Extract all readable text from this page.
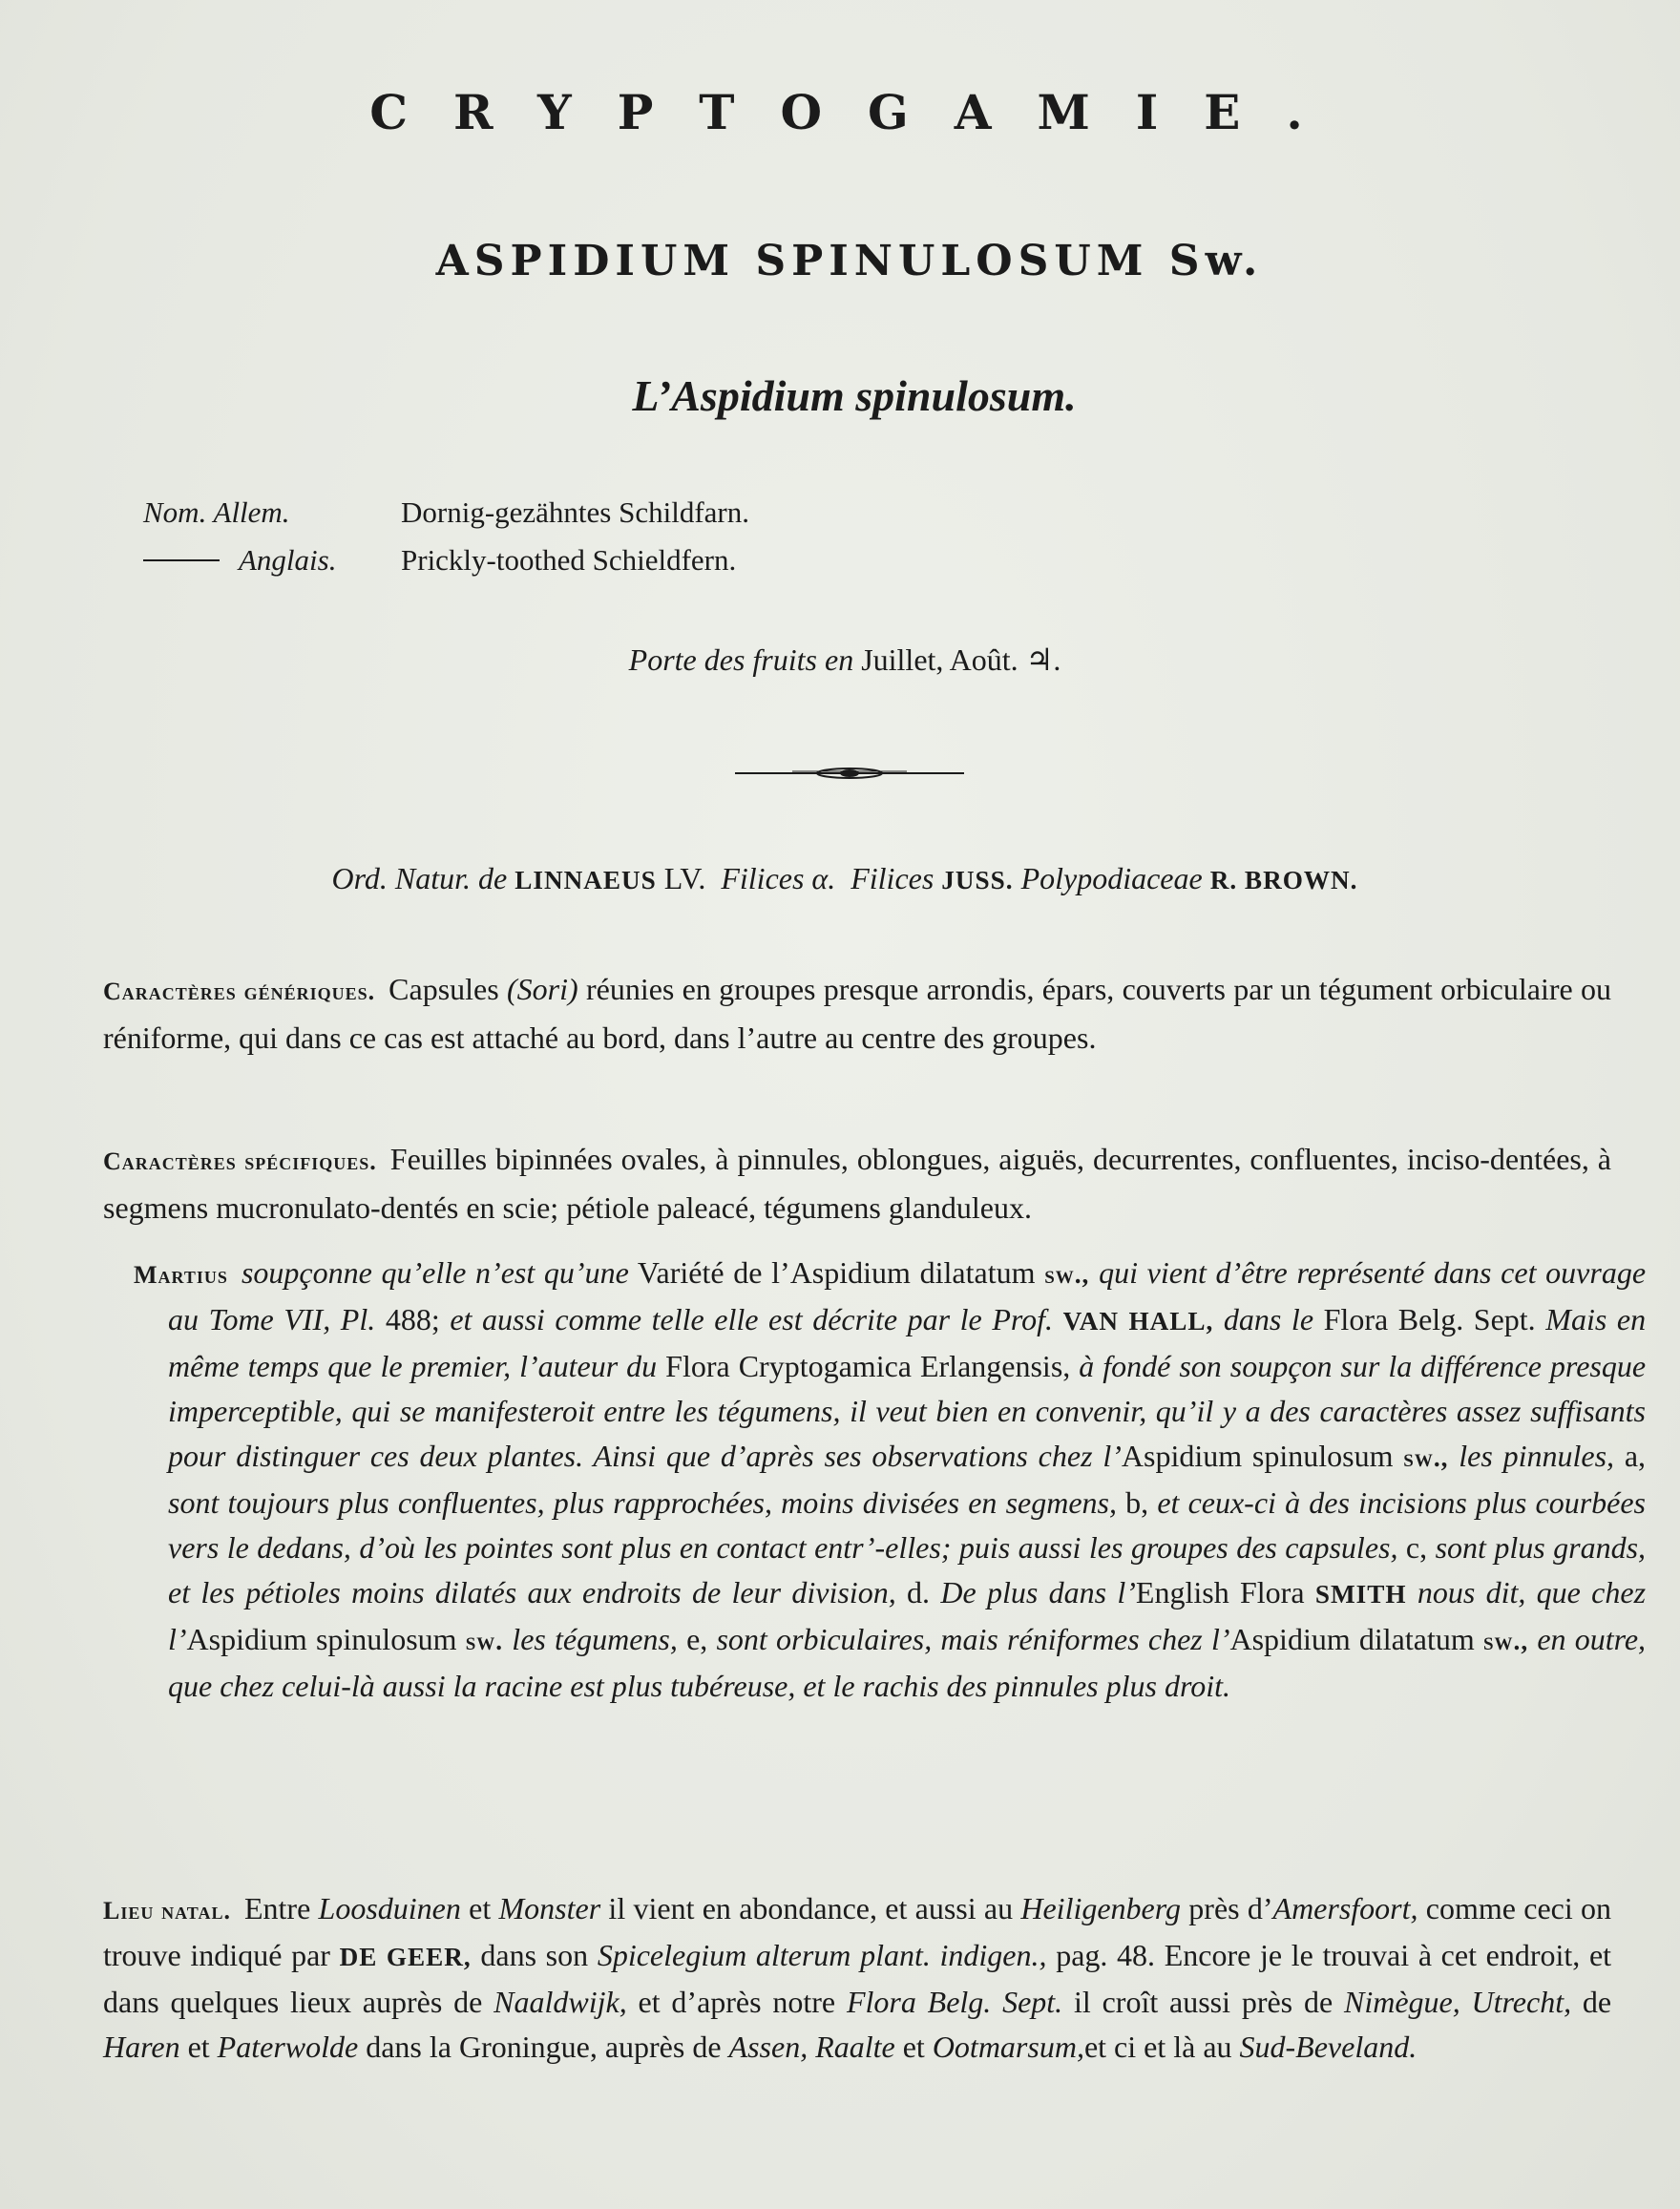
CRYPTOGAMIE.
ASPIDIUM SPINULOSUM Sw.
L’Aspidium spinulosum.
Nom. Allem.	Dornig-gezähntes Schildfarn.
Anglais. Prickly-toothed Schieldfern.
Porte des fruits en Juillet, Août. ♃.
Ord. Natur. de LINNAEUS LV. Filices α. Filices JUSS. Polypodiaceae R. BROWN.
Caractères génériques. Capsules (Sori) réunies en groupes presque arrondis, épars, couverts par un tégument orbiculaire ou réniforme, qui dans ce cas est attaché au bord, dans l’autre au centre des groupes.
Caractères spécifiques. Feuilles bipinnées ovales, à pinnules, oblongues, aiguës, decurrentes, confluentes, inciso-dentées, à segmens mucronulato-dentés en scie; pétiole paleacé, tégumens glanduleux.
Martius soupçonne qu’elle n’est qu’une Variété de l’Aspidium dilatatum sw., qui vient d’être représenté dans cet ouvrage au Tome VII, Pl. 488; et aussi comme telle elle est décrite par le Prof. VAN HALL, dans le Flora Belg. Sept. Mais en même temps que le premier, l’auteur du Flora Cryptogamica Erlangensis, à fondé son soupçon sur la différence presque imperceptible, qui se manifesteroit entre les tégumens, il veut bien en convenir, qu’il y a des caractères assez suffisants pour distinguer ces deux plantes. Ainsi que d’après ses observations chez l’Aspidium spinulosum sw., les pinnules, a, sont toujours plus confluentes, plus rapprochées, moins divisées en segmens, b, et ceux-ci à des incisions plus courbées vers le dedans, d’où les pointes sont plus en contact entr’-elles; puis aussi les groupes des capsules, c, sont plus grands, et les pétioles moins dilatés aux endroits de leur division, d. De plus dans l’English Flora SMITH nous dit, que chez l’Aspidium spinulosum sw. les tégumens, e, sont orbiculaires, mais réniformes chez l’Aspidium dilatatum sw., en outre, que chez celui-là aussi la racine est plus tubéreuse, et le rachis des pinnules plus droit.
Lieu natal. Entre Loosduinen et Monster il vient en abondance, et aussi au Heiligenberg près d’Amersfoort, comme ceci on trouve indiqué par DE GEER, dans son Spicelegium alterum plant. indigen., pag. 48. Encore je le trouvai à cet endroit, et dans quelques lieux auprès de Naaldwijk, et d’après notre Flora Belg. Sept. il croît aussi près de Nimègue, Utrecht, de Haren et Paterwolde dans la Groningue, auprès de Assen, Raalte et Ootmarsum,et ci et là au Sud-Beveland.
